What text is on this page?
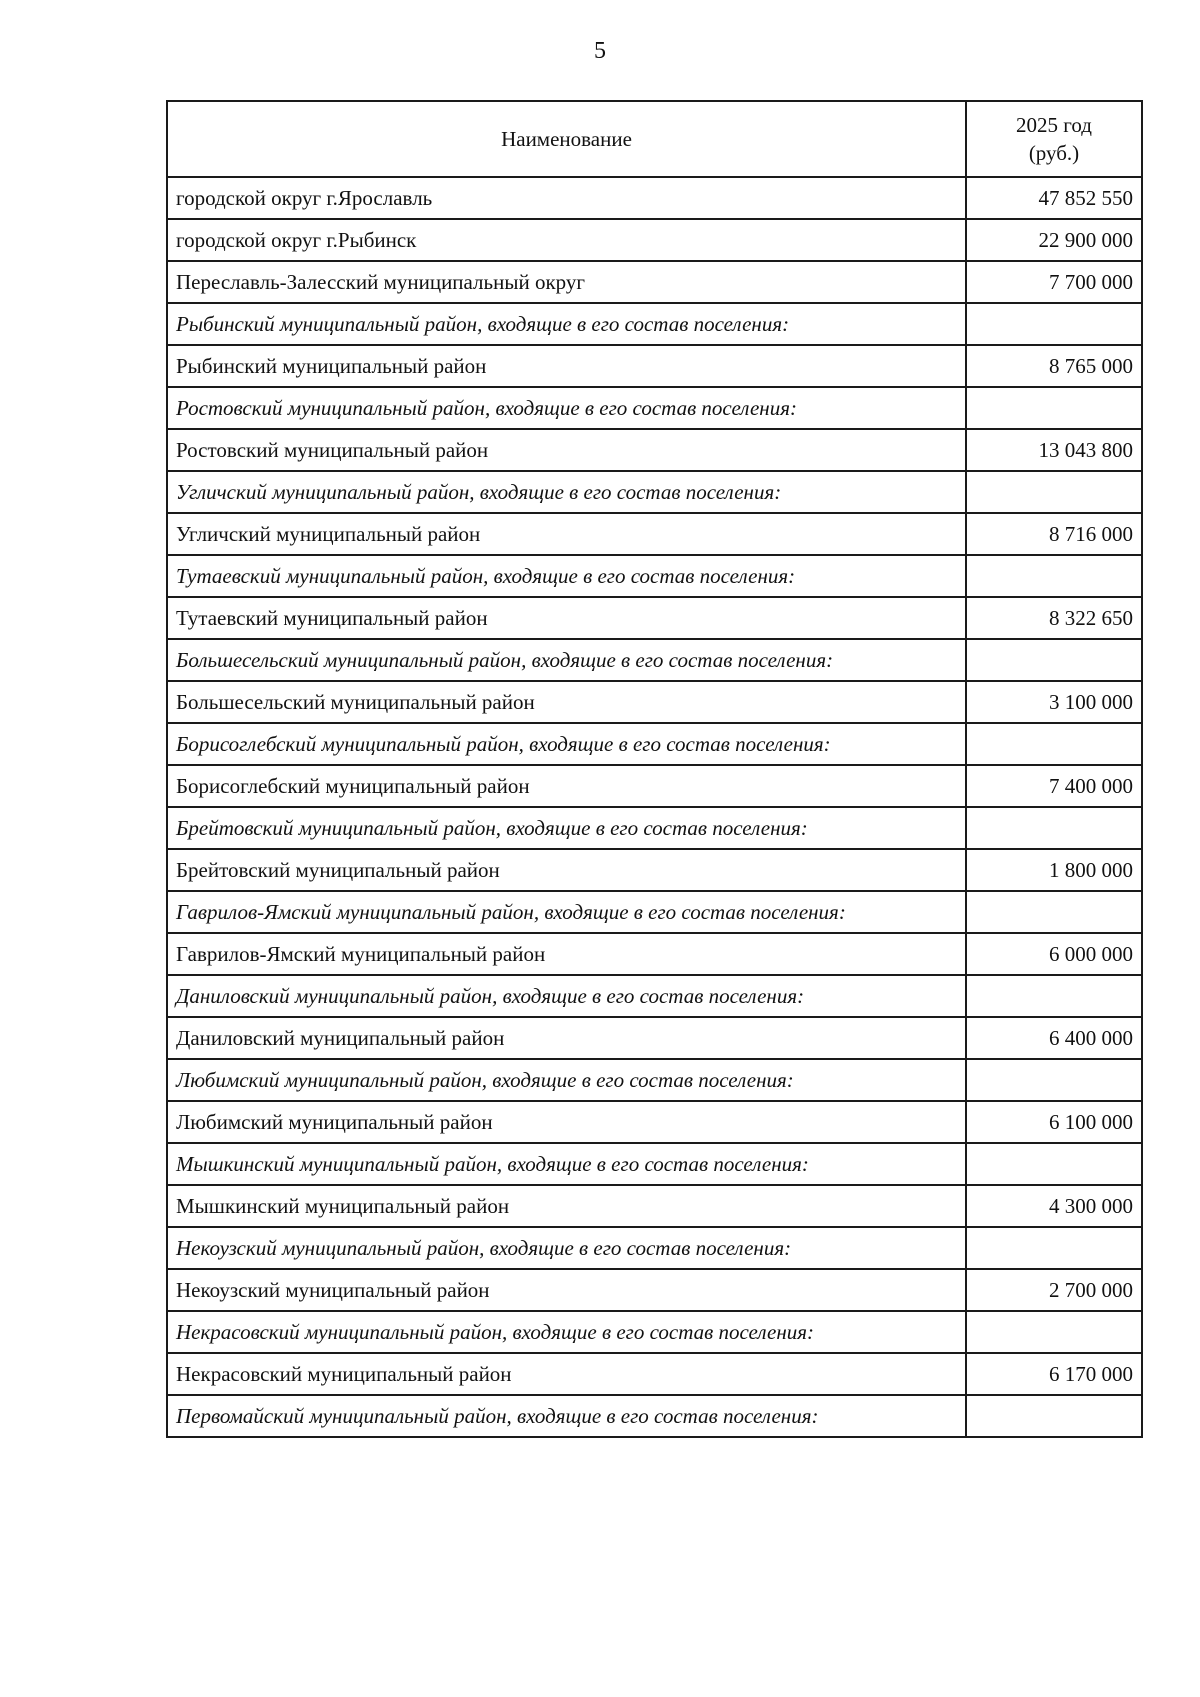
5
Наименование	2025 год
(руб.)
городской округ г.Ярославль	47 852 550
городской округ г.Рыбинск	22 900 000
Переславль-Залесский муниципальный округ	7 700 000
Рыбинский муниципальный район, входящие в его состав поселения:	
Рыбинский муниципальный район	8 765 000
Ростовский муниципальный район, входящие в его состав поселения:	
Ростовский муниципальный район	13 043 800
Угличский муниципальный район, входящие в его состав поселения:	
Угличский муниципальный район	8 716 000
Тутаевский муниципальный район, входящие в его состав поселения:	
Тутаевский муниципальный район	8 322 650
Большесельский муниципальный район, входящие в его состав поселения:	
Большесельский муниципальный район	3 100 000
Борисоглебский муниципальный район, входящие в его состав поселения:	
Борисоглебский муниципальный район	7 400 000
Брейтовский муниципальный район, входящие в его состав поселения:	
Брейтовский муниципальный район	1 800 000
Гаврилов-Ямский муниципальный район, входящие в его состав поселения:	
Гаврилов-Ямский муниципальный район	6 000 000
Даниловский муниципальный район, входящие в его состав поселения:	
Даниловский муниципальный район	6 400 000
Любимский муниципальный район, входящие в его состав поселения:	
Любимский муниципальный район	6 100 000
Мышкинский муниципальный район, входящие в его состав поселения:	
Мышкинский муниципальный район	4 300 000
Некоузский муниципальный район, входящие в его состав поселения:	
Некоузский муниципальный район	2 700 000
Некрасовский муниципальный район, входящие в его состав поселения:	
Некрасовский муниципальный район	6 170 000
Первомайский муниципальный район, входящие в его состав поселения:	
